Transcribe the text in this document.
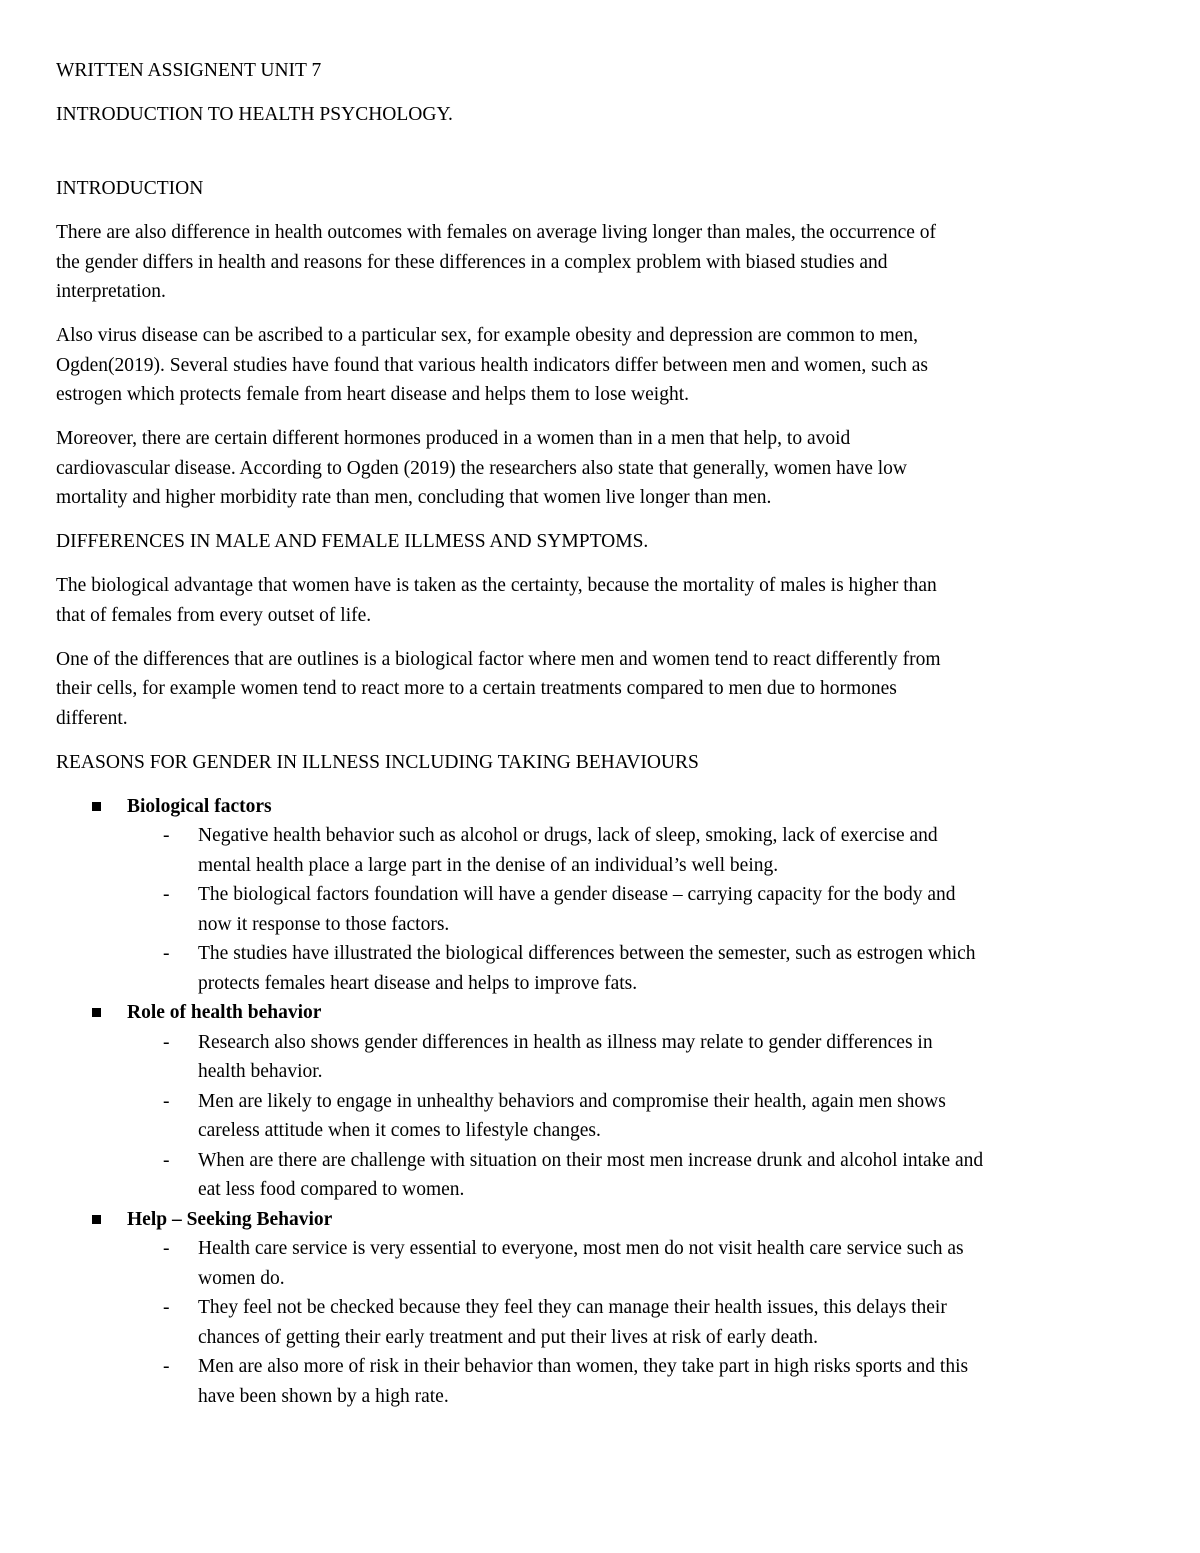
WRITTEN ASSIGNENT UNIT 7

INTRODUCTION TO HEALTH PSYCHOLOGY.

INTRODUCTION

There are also difference in health outcomes with females on average living longer than males, the occurrence of
the gender differs in health and reasons for these differences in a complex problem with biased studies and
interpretation.

Also virus disease can be ascribed to a particular sex, for example obesity and depression are common to men,
Ogden(2019). Several studies have found that various health indicators differ between men and women, such as
estrogen which protects female from heart disease and helps them to lose weight.

Moreover, there are certain different hormones produced in a women than in a men that help, to avoid
cardiovascular disease. According to Ogden (2019) the researchers also state that generally, women have low
mortality and higher morbidity rate than men, concluding that women live longer than men.

DIFFERENCES IN MALE AND FEMALE ILLMESS AND SYMPTOMS.

The biological advantage that women have is taken as the certainty, because the mortality of males is higher than
that of females from every outset of life.

One of the differences that are outlines is a biological factor where men and women tend to react differently from
their cells, for example women tend to react more to a certain treatments compared to men due to hormones
different.

REASONS FOR GENDER IN ILLNESS INCLUDING TAKING BEHAVIOURS

Biological factors
- Negative health behavior such as alcohol or drugs, lack of sleep, smoking, lack of exercise and
mental health place a large part in the denise of an individual’s well being.
- The biological factors foundation will have a gender disease – carrying capacity for the body and
now it response to those factors.
- The studies have illustrated the biological differences between the semester, such as estrogen which
protects females heart disease and helps to improve fats.
Role of health behavior
- Research also shows gender differences in health as illness may relate to gender differences in
health behavior.
- Men are likely to engage in unhealthy behaviors and compromise their health, again men shows
careless attitude when it comes to lifestyle changes.
- When are there are challenge with situation on their most men increase drunk and alcohol intake and
eat less food compared to women.
Help – Seeking Behavior
- Health care service is very essential to everyone, most men do not visit health care service such as
women do.
- They feel not be checked because they feel they can manage their health issues, this delays their
chances of getting their early treatment and put their lives at risk of early death.
- Men are also more of risk in their behavior than women, they take part in high risks sports and this
have been shown by a high rate.
